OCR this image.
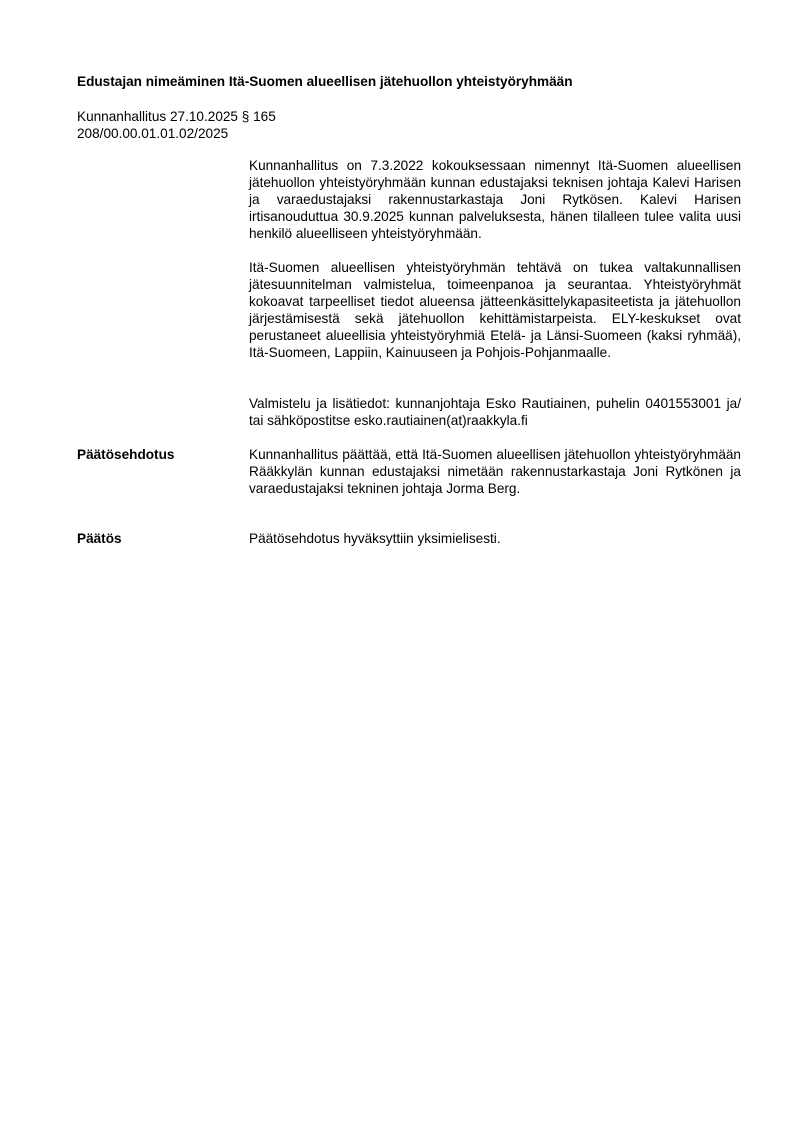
Edustajan nimeäminen Itä-Suomen alueellisen jätehuollon yhteistyöryhmään
Kunnanhallitus 27.10.2025 § 165
208/00.00.01.01.02/2025

Kunnanhallitus on 7.3.2022 kokouksessaan nimennyt Itä-Suomen alueellisen jätehuollon yhteistyöryhmään kunnan edustajaksi teknisen johtaja Kalevi Harisen ja varaedustajaksi rakennustarkastaja Joni Rytkösen. Kalevi Harisen irtisanouduttua 30.9.2025 kunnan palveluksesta, hänen tilalleen tulee valita uusi henkilö alueelliseen yhteistyöryhmään.

Itä-Suomen alueellisen yhteistyöryhmän tehtävä on tukea valtakunnallisen jätesuunnitelman valmistelua, toimeenpanoa ja seurantaa. Yhteistyöryhmät kokoavat tarpeelliset tiedot alueensa jätteenkäsittelykapasiteetista ja jätehuollon järjestämisestä sekä jätehuollon kehittämistarpeista. ELY-keskukset ovat perustaneet alueellisia yhteistyöryhmiä Etelä- ja Länsi-Suomeen (kaksi ryhmää), Itä-Suomeen, Lappiin, Kainuuseen ja Pohjois-Pohjanmaalle.

Valmistelu ja lisätiedot: kunnanjohtaja Esko Rautiainen, puhelin 0401553001 ja/ tai sähköpostitse esko.rautiainen(at)raakkyla.fi

Päätösehdotus	Kunnanhallitus päättää, että Itä-Suomen alueellisen jätehuollon yhteistyöryhmään Rääkkylän kunnan edustajaksi nimetään rakennustarkastaja Joni Rytkönen ja varaedustajaksi tekninen johtaja Jorma Berg.

Päätös	Päätösehdotus hyväksyttiin yksimielisesti.
